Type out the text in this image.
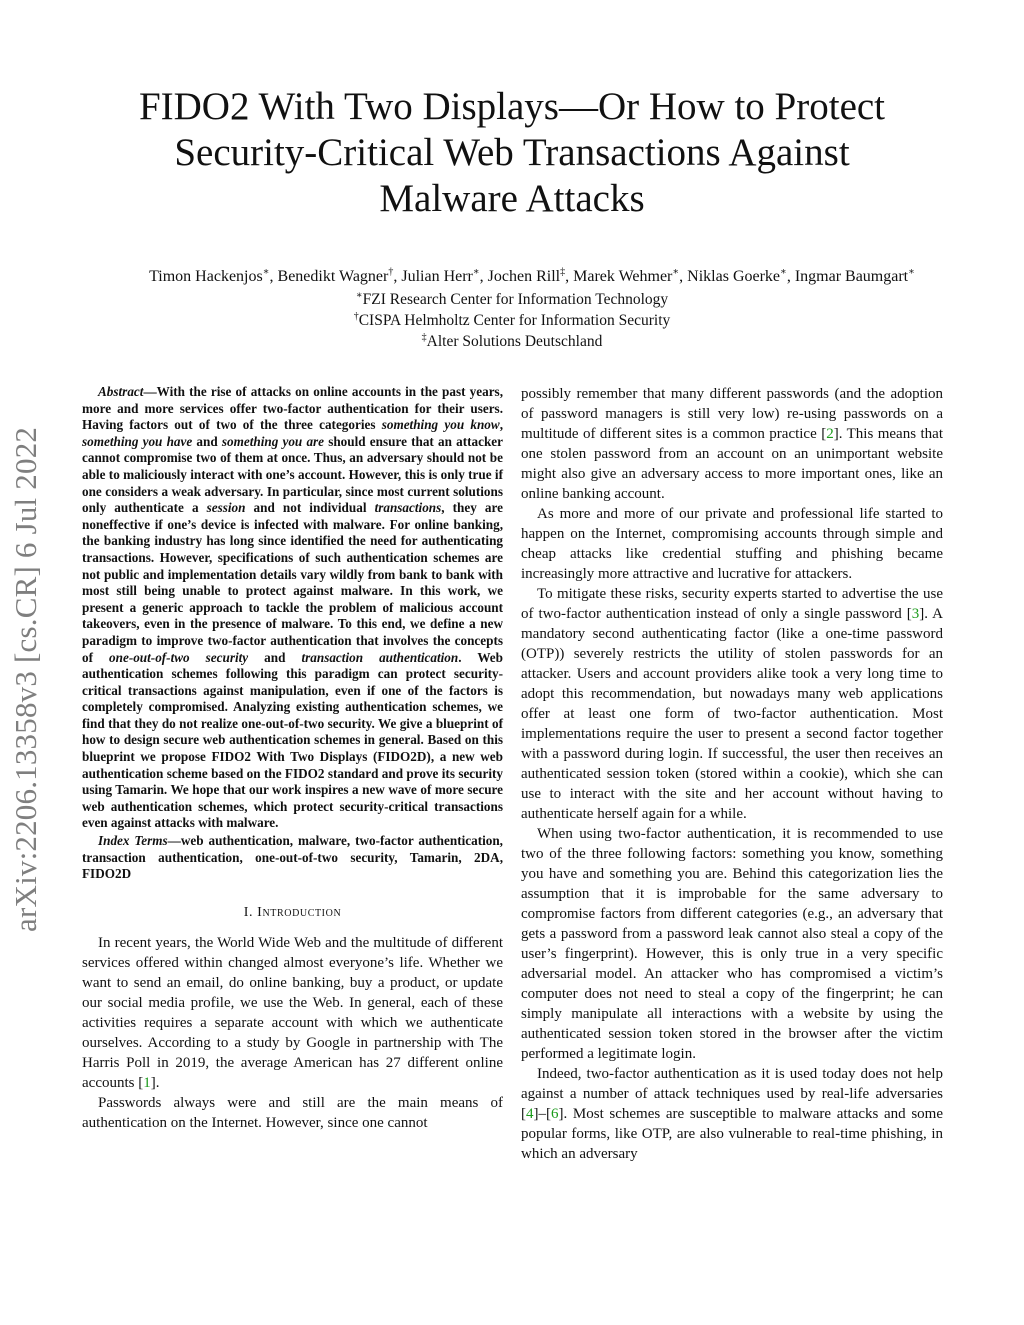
FIDO2 With Two Displays—Or How to Protect
Security-Critical Web Transactions Against
Malware Attacks
Timon Hackenjos∗, Benedikt Wagner†, Julian Herr∗, Jochen Rill‡, Marek Wehmer∗, Niklas Goerke∗, Ingmar Baumgart∗
∗FZI Research Center for Information Technology
†CISPA Helmholtz Center for Information Security
‡Alter Solutions Deutschland
arXiv:2206.13358v3 [cs.CR] 6 Jul 2022

Abstract—With the rise of attacks on online accounts in the past years, more and more services offer two-factor authentication for their users. Having factors out of two of the three categories something you know, something you have and something you are should ensure that an attacker cannot compromise two of them at once. Thus, an adversary should not be able to maliciously interact with one’s account. However, this is only true if one considers a weak adversary. In particular, since most current solutions only authenticate a session and not individual transactions, they are noneffective if one’s device is infected with malware. For online banking, the banking industry has long since identified the need for authenticating transactions. However, specifications of such authentication schemes are not public and implementation details vary wildly from bank to bank with most still being unable to protect against malware. In this work, we present a generic approach to tackle the problem of malicious account takeovers, even in the presence of malware. To this end, we define a new paradigm to improve two-factor authentication that involves the concepts of one-out-of-two security and transaction authentication. Web authentication schemes following this paradigm can protect security-critical transactions against manipulation, even if one of the factors is completely compromised. Analyzing existing authentication schemes, we find that they do not realize one-out-of-two security. We give a blueprint of how to design secure web authentication schemes in general. Based on this blueprint we propose FIDO2 With Two Displays (FIDO2D), a new web authentication scheme based on the FIDO2 standard and prove its security using Tamarin. We hope that our work inspires a new wave of more secure web authentication schemes, which protect security-critical transactions even against attacks with malware.

Index Terms—web authentication, malware, two-factor authentication, transaction authentication, one-out-of-two security, Tamarin, 2DA, FIDO2D

I. Introduction

In recent years, the World Wide Web and the multitude of different services offered within changed almost everyone’s life. Whether we want to send an email, do online banking, buy a product, or update our social media profile, we use the Web. In general, each of these activities requires a separate account with which we authenticate ourselves. According to a study by Google in partnership with The Harris Poll in 2019, the average American has 27 different online accounts [1].

Passwords always were and still are the main means of authentication on the Internet. However, since one cannot

possibly remember that many different passwords (and the adoption of password managers is still very low) re-using passwords on a multitude of different sites is a common practice [2]. This means that one stolen password from an account on an unimportant website might also give an adversary access to more important ones, like an online banking account.

As more and more of our private and professional life started to happen on the Internet, compromising accounts through simple and cheap attacks like credential stuffing and phishing became increasingly more attractive and lucrative for attackers.

To mitigate these risks, security experts started to advertise the use of two-factor authentication instead of only a single password [3]. A mandatory second authenticating factor (like a one-time password (OTP)) severely restricts the utility of stolen passwords for an attacker. Users and account providers alike took a very long time to adopt this recommendation, but nowadays many web applications offer at least one form of two-factor authentication. Most implementations require the user to present a second factor together with a password during login. If successful, the user then receives an authenticated session token (stored within a cookie), which she can use to interact with the site and her account without having to authenticate herself again for a while.

When using two-factor authentication, it is recommended to use two of the three following factors: something you know, something you have and something you are. Behind this categorization lies the assumption that it is improbable for the same adversary to compromise factors from different categories (e.g., an adversary that gets a password from a password leak cannot also steal a copy of the user’s fingerprint). However, this is only true in a very specific adversarial model. An attacker who has compromised a victim’s computer does not need to steal a copy of the fingerprint; he can simply manipulate all interactions with a website by using the authenticated session token stored in the browser after the victim performed a legitimate login.

Indeed, two-factor authentication as it is used today does not help against a number of attack techniques used by real-life adversaries [4]–[6]. Most schemes are susceptible to malware attacks and some popular forms, like OTP, are also vulnerable to real-time phishing, in which an adversary
